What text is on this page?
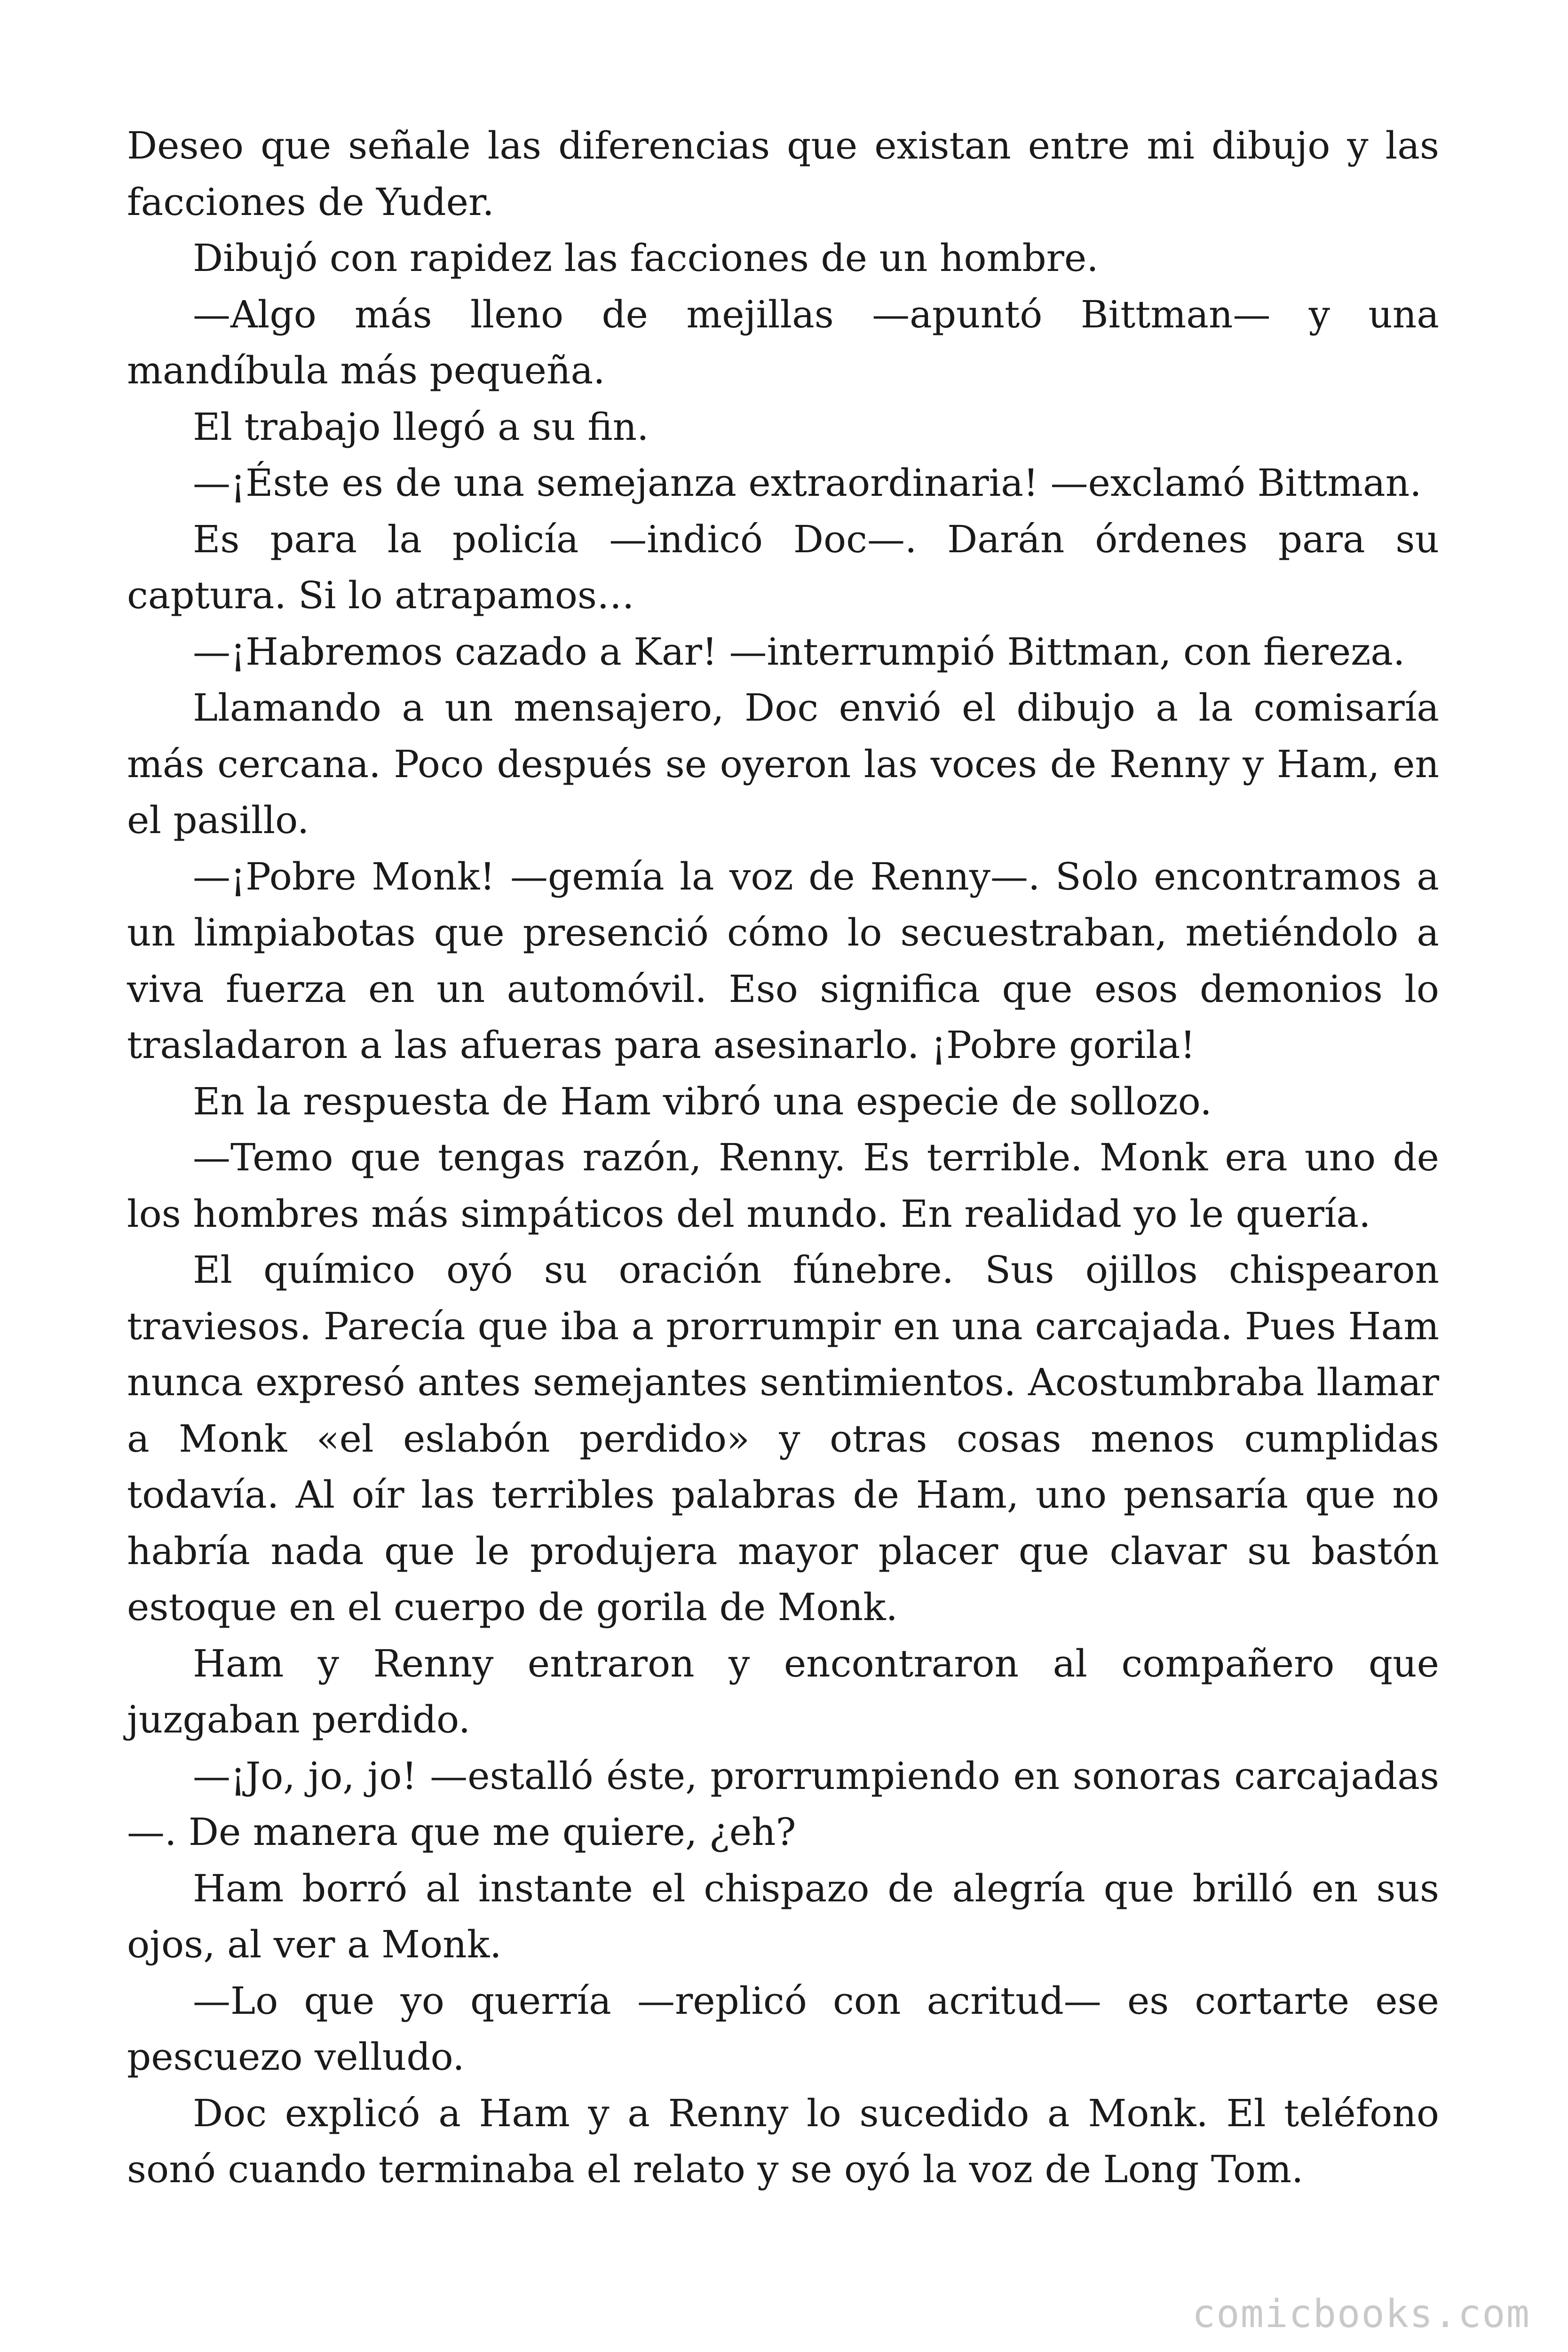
Deseo que señale las diferencias que existan entre mi dibujo y las facciones de Yuder.

Dibujó con rapidez las facciones de un hombre.

—Algo más lleno de mejillas —apuntó Bittman— y una mandíbula más pequeña.

El trabajo llegó a su fin.

—¡Éste es de una semejanza extraordinaria! —exclamó Bittman.

Es para la policía —indicó Doc—. Darán órdenes para su captura. Si lo atrapamos…

—¡Habremos cazado a Kar! —interrumpió Bittman, con fiereza.

Llamando a un mensajero, Doc envió el dibujo a la comisaría más cercana. Poco después se oyeron las voces de Renny y Ham, en el pasillo.

—¡Pobre Monk! —gemía la voz de Renny—. Solo encontramos a un limpiabotas que presenció cómo lo secuestraban, metiéndolo a viva fuerza en un automóvil. Eso significa que esos demonios lo trasladaron a las afueras para asesinarlo. ¡Pobre gorila!

En la respuesta de Ham vibró una especie de sollozo.

—Temo que tengas razón, Renny. Es terrible. Monk era uno de los hombres más simpáticos del mundo. En realidad yo le quería.

El químico oyó su oración fúnebre. Sus ojillos chispearon traviesos. Parecía que iba a prorrumpir en una carcajada. Pues Ham nunca expresó antes semejantes sentimientos. Acostumbraba llamar a Monk «el eslabón perdido» y otras cosas menos cumplidas todavía. Al oír las terribles palabras de Ham, uno pensaría que no habría nada que le produjera mayor placer que clavar su bastón estoque en el cuerpo de gorila de Monk.

Ham y Renny entraron y encontraron al compañero que juzgaban perdido.

—¡Jo, jo, jo! —estalló éste, prorrumpiendo en sonoras carcajadas—. De manera que me quiere, ¿eh?

Ham borró al instante el chispazo de alegría que brilló en sus ojos, al ver a Monk.

—Lo que yo querría —replicó con acritud— es cortarte ese pescuezo velludo.

Doc explicó a Ham y a Renny lo sucedido a Monk. El teléfono sonó cuando terminaba el relato y se oyó la voz de Long Tom.

comicbooks.com
